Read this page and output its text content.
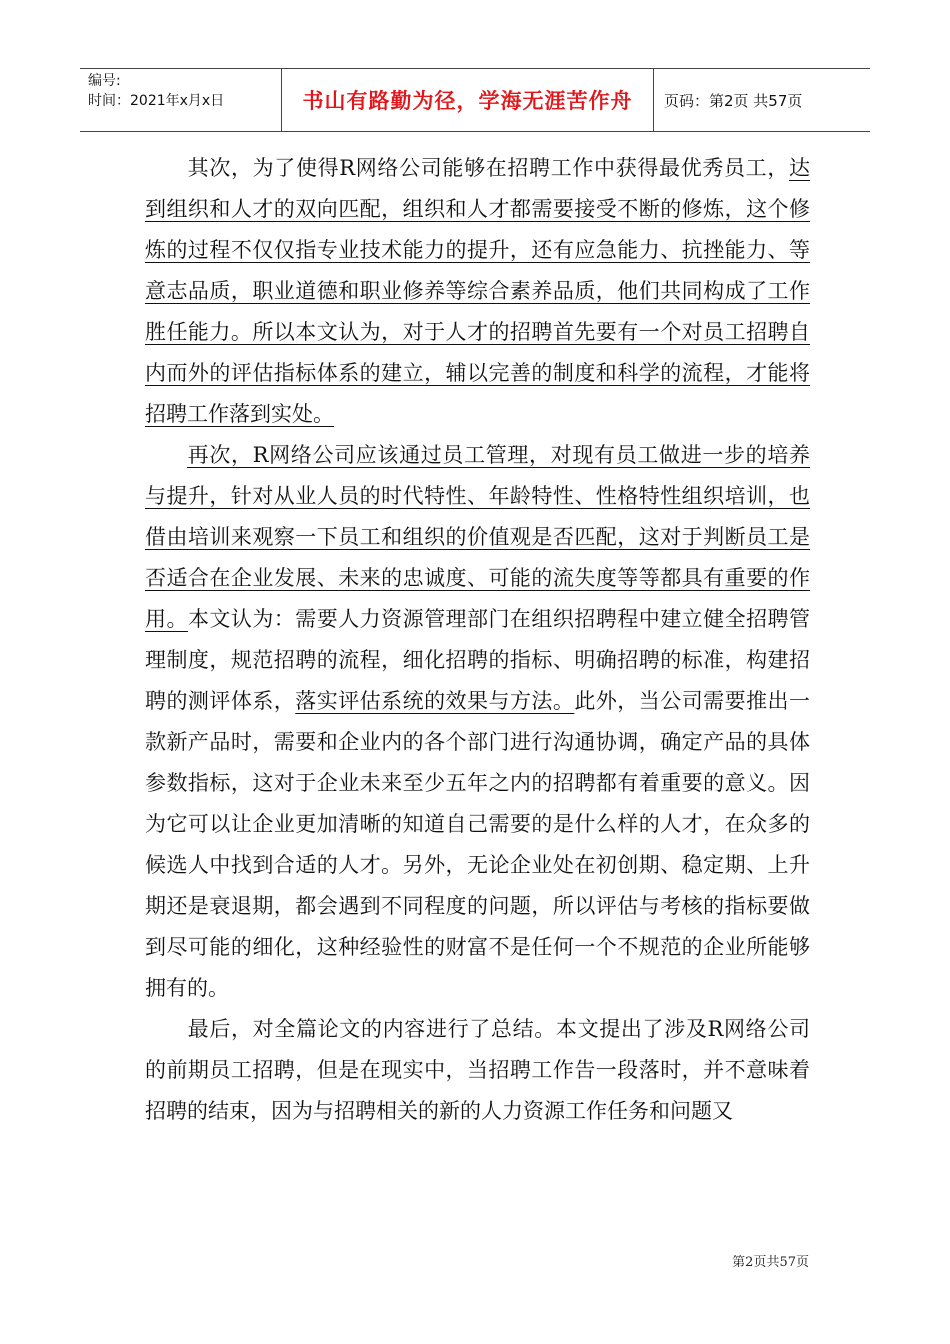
编号:
时间：2021年x月x日	书山有路勤为径，学海无涯苦作舟 页码：第2页 共57页
其次，为了使得R网络公司能够在招聘工作中获得最优秀员工，达到组织和人才的双向匹配，组织和人才都需要接受不断的修炼，这个修炼的过程不仅仅指专业技术能力的提升，还有应急能力、抗挫能力、等意志品质，职业道德和职业修养等综合素养品质，他们共同构成了工作胜任能力。所以本文认为，对于人才的招聘首先要有一个对员工招聘自内而外的评估指标体系的建立，辅以完善的制度和科学的流程，才能将招聘工作落到实处。
再次，R网络公司应该通过员工管理，对现有员工做进一步的培养与提升，针对从业人员的时代特性、年龄特性、性格特性组织培训，也借由培训来观察一下员工和组织的价值观是否匹配，这对于判断员工是否适合在企业发展、未来的忠诚度、可能的流失度等等都具有重要的作用。本文认为：需要人力资源管理部门在组织招聘程中建立健全招聘管理制度，规范招聘的流程，细化招聘的指标、明确招聘的标准，构建招聘的测评体系，落实评估系统的效果与方法。此外，当公司需要推出一款新产品时，需要和企业内的各个部门进行沟通协调，确定产品的具体参数指标，这对于企业未来至少五年之内的招聘都有着重要的意义。因为它可以让企业更加清晰的知道自己需要的是什么样的人才，在众多的候选人中找到合适的人才。另外，无论企业处在初创期、稳定期、上升期还是衰退期，都会遇到不同程度的问题，所以评估与考核的指标要做到尽可能的细化，这种经验性的财富不是任何一个不规范的企业所能够拥有的。
最后，对全篇论文的内容进行了总结。本文提出了涉及R网络公司的前期员工招聘，但是在现实中，当招聘工作告一段落时，并不意味着招聘的结束，因为与招聘相关的新的人力资源工作任务和问题又
第2页共57页
